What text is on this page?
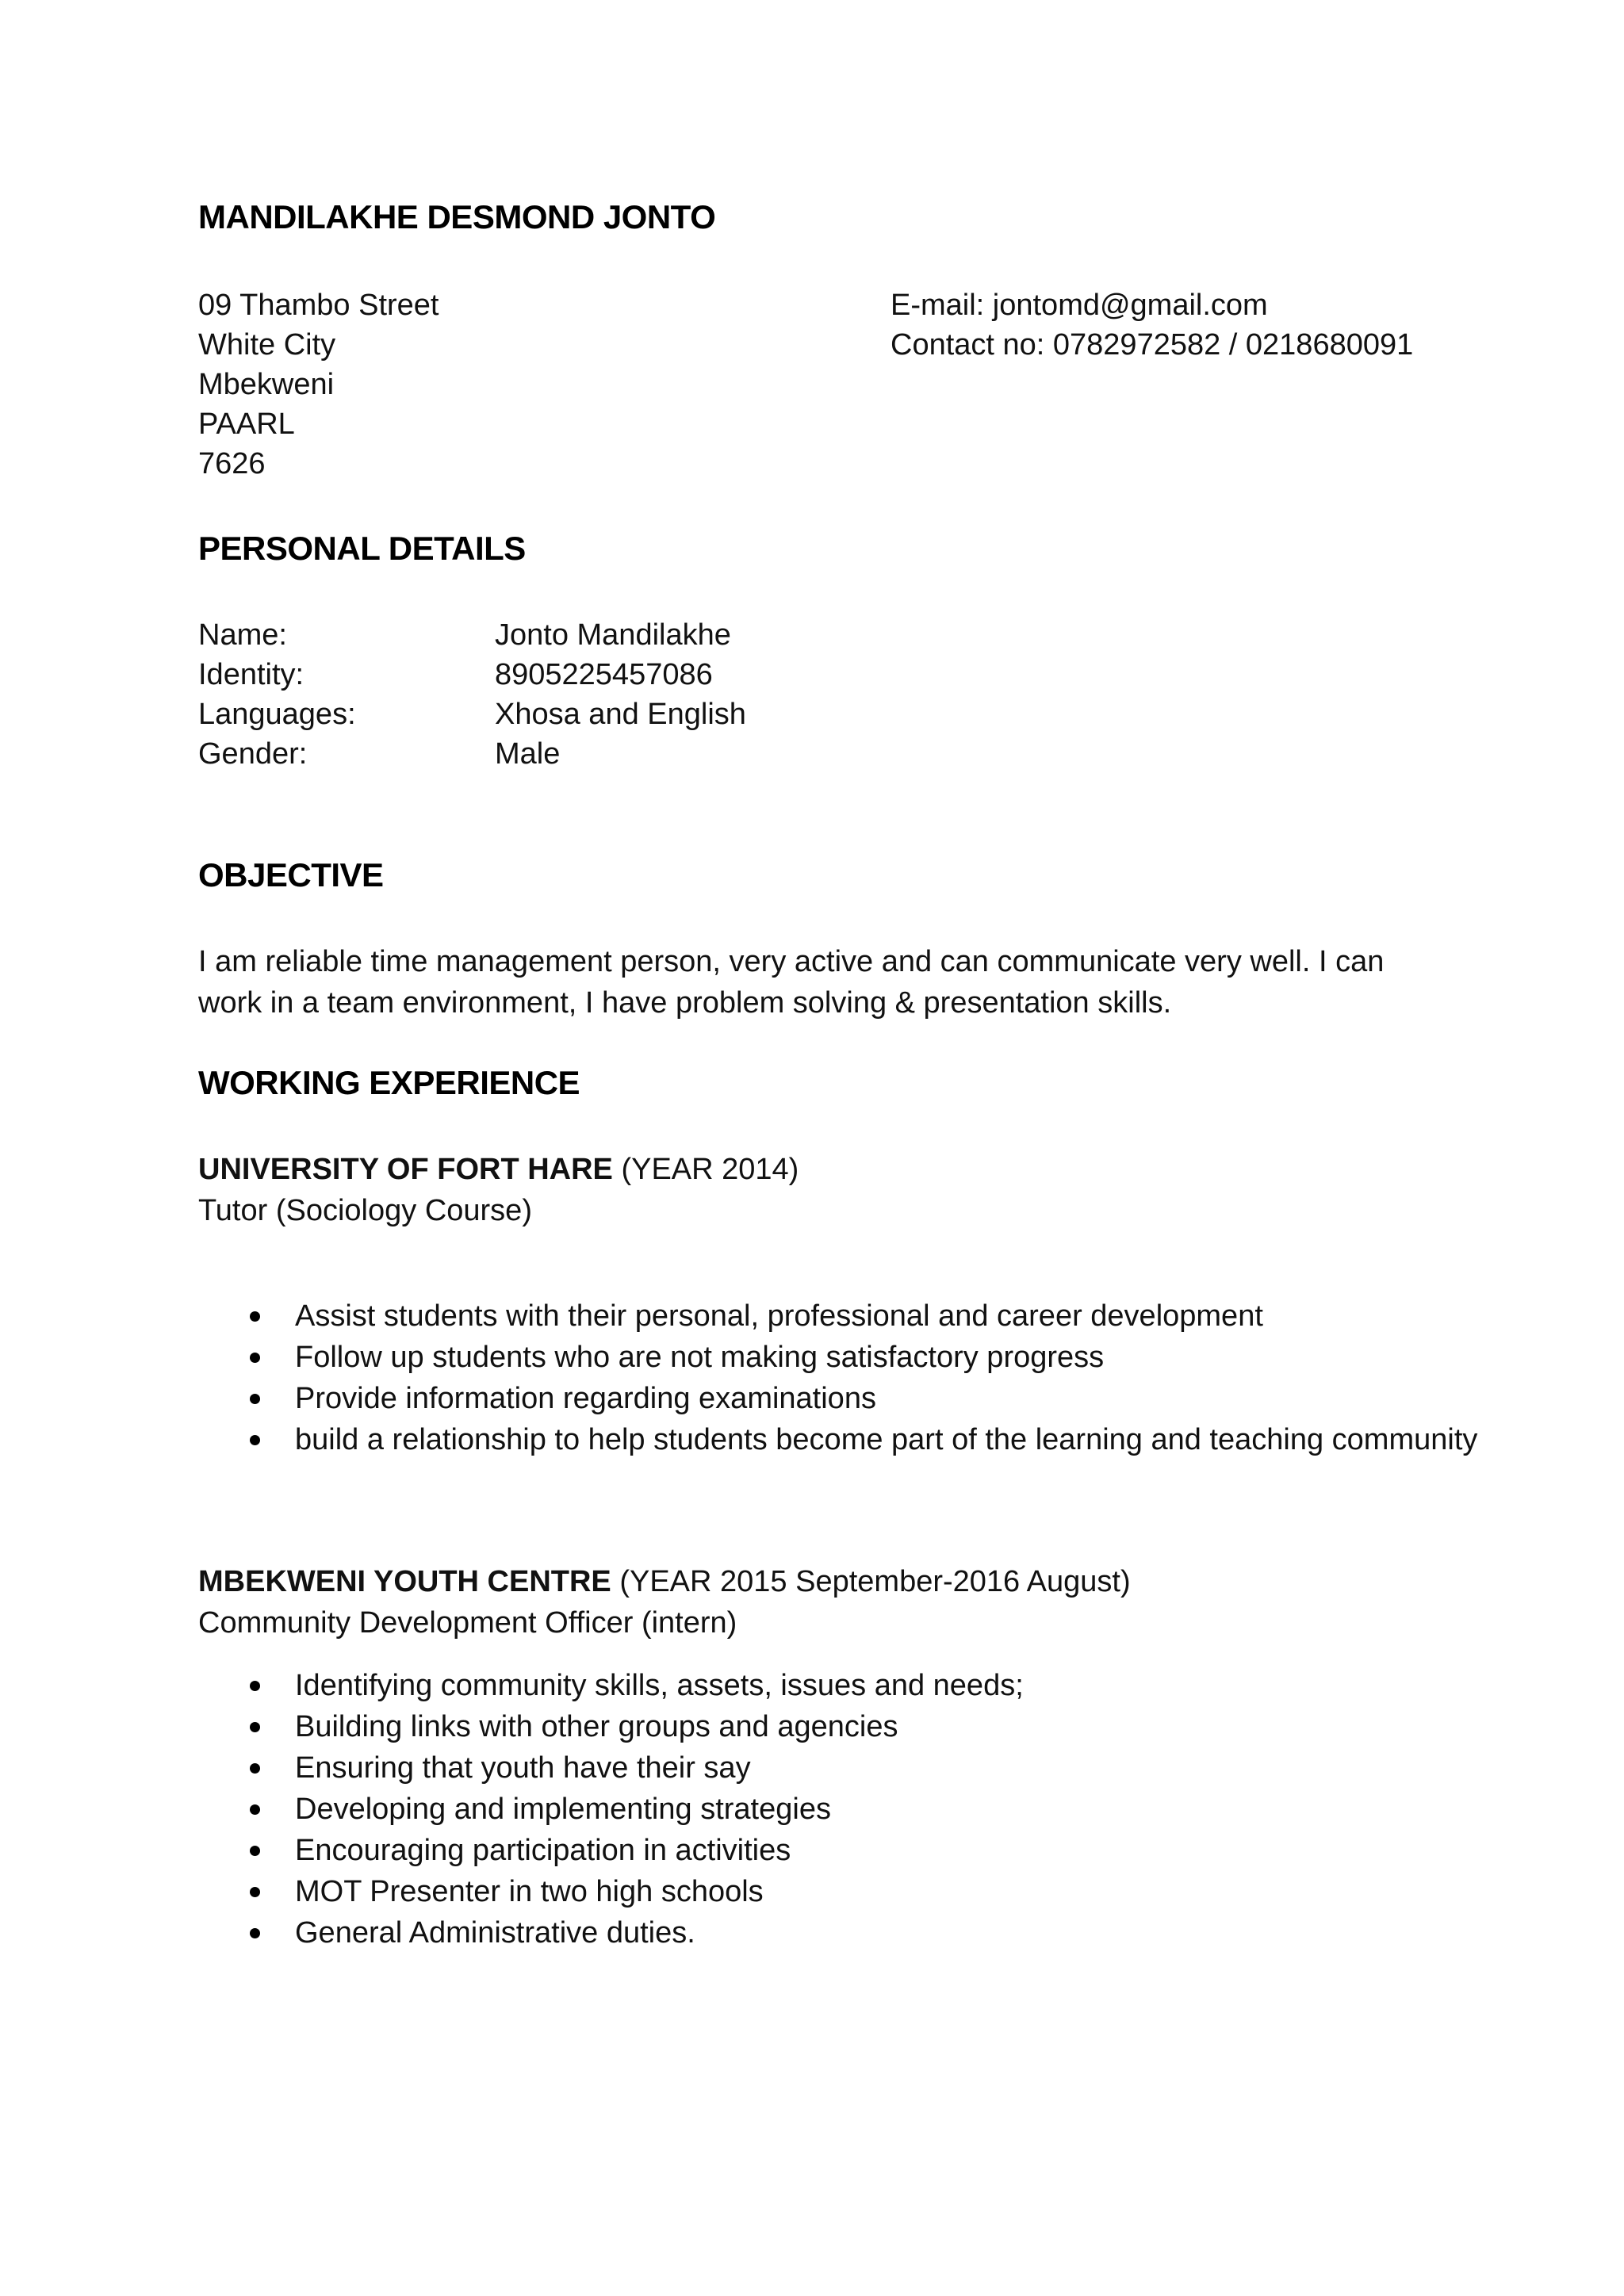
MANDILAKHE DESMOND JONTO
09 Thambo Street
White City
Mbekweni
PAARL
7626
E-mail: jontomd@gmail.com
Contact no: 0782972582 / 0218680091
PERSONAL DETAILS
Name:
Identity:
Languages:
Gender:
Jonto Mandilakhe
8905225457086
Xhosa and English
Male
OBJECTIVE
I am reliable time management person, very active and can communicate very well. I can
work in a team environment, I have problem solving & presentation skills.
WORKING EXPERIENCE
UNIVERSITY OF FORT HARE (YEAR 2014)
Tutor (Sociology Course)
Assist students with their personal, professional and career development
Follow up students who are not making satisfactory progress
Provide information regarding examinations
build a relationship to help students become part of the learning and teaching community
MBEKWENI YOUTH CENTRE (YEAR 2015 September-2016 August)
Community Development Officer (intern)
Identifying community skills, assets, issues and needs;
Building links with other groups and agencies
Ensuring that youth have their say
Developing and implementing strategies
Encouraging participation in activities
MOT Presenter in two high schools
General Administrative duties.
